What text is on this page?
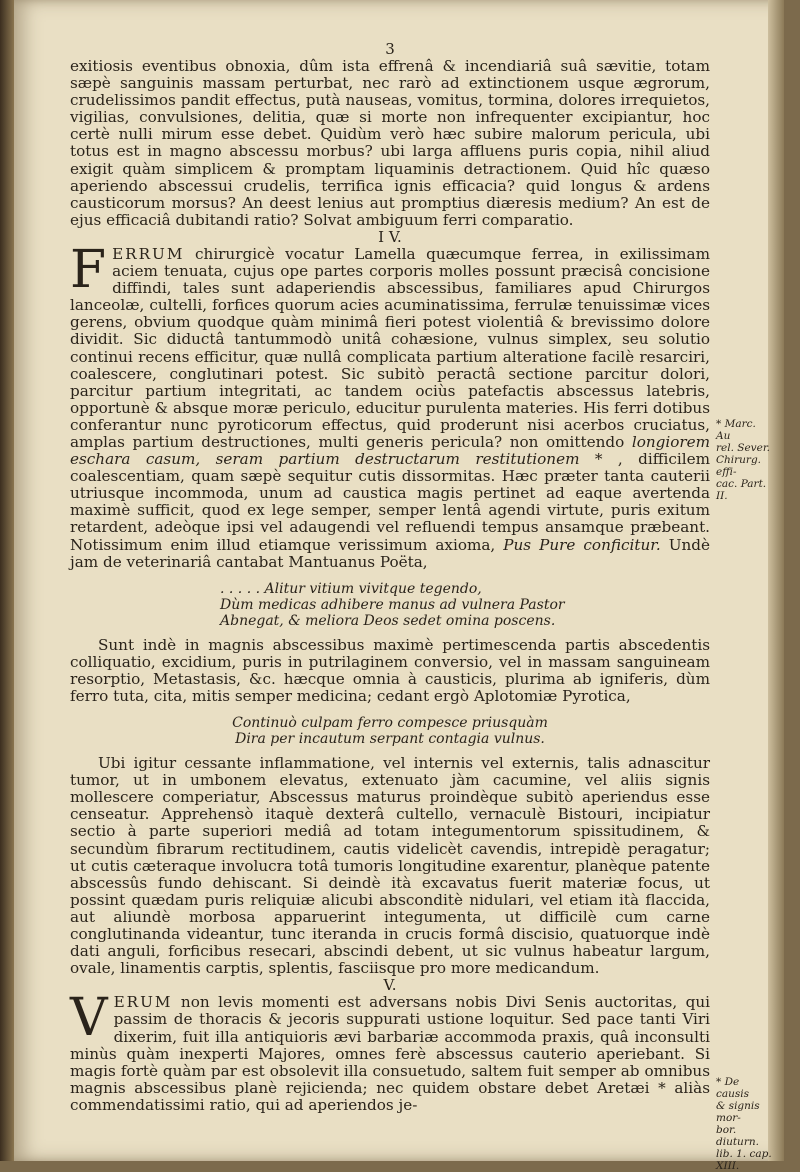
3

exitiosis eventibus obnoxia, dûm ista effrenâ & incendiariâ suâ sævitie, totam sæpè sanguinis massam perturbat, nec rarò ad extinctionem usque ægrorum, crudelissimos pandit effectus, putà nauseas, vomitus, tormina, dolores irrequietos, vigilias, convulsiones, delitia, quæ si morte non infrequenter excipiantur, hoc certè nulli mirum esse debet. Quidùm verò hæc subire malorum pericula, ubi totus est in magno abscessu morbus? ubi larga affluens puris copia, nihil aliud exigit quàm simplicem & promptam liquaminis detractionem. Quid hîc quæso aperiendo abscessui crudelis, terrifica ignis efficacia? quid longus & ardens causticorum morsus? An deest lenius aut promptius diæresis medium? An est de ejus efficaciâ dubitandi ratio? Solvat ambiguum ferri comparatio.

I V.

FERRUM chirurgicè vocatur Lamella quæcumque ferrea, in exilissimam aciem tenuata, cujus ope partes corporis molles possunt præcisâ concisione diffindi, tales sunt adaperiendis abscessibus, familiares apud Chirurgos lanceolæ, cultelli, forfices quorum acies acuminatissima, ferrulæ tenuissimæ vices gerens, obvium quodque quàm minimâ fieri potest violentiâ & brevissimo dolore dividit. Sic diductâ tantummodò unitâ cohæsione, vulnus simplex, seu solutio continui recens efficitur, quæ nullâ complicata partium alteratione facilè resarciri, coalescere, conglutinari potest. Sic subitò peractâ sectione parcitur dolori, parcitur partium integritati, ac tandem ociùs patefactis abscessus latebris, opportunè & absque moræ periculo, educitur purulenta materies. His ferri dotibus conferantur nunc pyroticorum effectus, quid proderunt nisi acerbos cruciatus, amplas partium destructiones, multi generis pericula? non omittendo longiorem eschara casum, seram partium destructarum restitutionem * , difficilem coalescentiam, quam sæpè sequitur cutis dissormitas. Hæc præter tanta cauterii utriusque incommoda, unum ad caustica magis pertinet ad eaque avertenda maximè sufficit, quod ex lege semper, semper lentâ agendi virtute, puris exitum retardent, adeòque ipsi vel adaugendi vel refluendi tempus ansamque præbeant. Notissimum enim illud etiamque verissimum axioma, Pus Pure conficitur. Undè jam de veterinariâ cantabat Mantuanus Poëta,

. . . . . Alitur vitium vivitque tegendo,
Dùm medicas adhibere manus ad vulnera Pastor
Abnegat, & meliora Deos sedet omina poscens.

Sunt indè in magnis abscessibus maximè pertimescenda partis abscedentis colliquatio, excidium, puris in putrilaginem conversio, vel in massam sanguineam resorptio, Metastasis, &c. hæcque omnia à causticis, plurima ab igniferis, dùm ferro tuta, cita, mitis semper medicina; cedant ergò Aplotomiæ Pyrotica,

Continuò culpam ferro compesce priusquàm
Dira per incautum serpant contagia vulnus.

Ubi igitur cessante inflammatione, vel internis vel externis, talis adnascitur tumor, ut in umbonem elevatus, extenuato jàm cacumine, vel aliis signis mollescere comperiatur, Abscessus maturus proindèque subitò aperiendus esse censeatur. Apprehensò itaquè dexterâ cultello, vernaculè Bistouri, incipiatur sectio à parte superiori mediâ ad totam integumentorum spissitudinem, & secundùm fibrarum rectitudinem, cautis videlicèt cavendis, intrepidè peragatur; ut cutis cæteraque involucra totâ tumoris longitudine exarentur, planèque patente abscessûs fundo dehiscant. Si deindè ità excavatus fuerit materiæ focus, ut possint quædam puris reliquiæ alicubi absconditè nidulari, vel etiam ità flaccida, aut aliundè morbosa apparuerint integumenta, ut difficilè cum carne conglutinanda videantur, tunc iteranda in crucis formâ discisio, quatuorque indè dati anguli, forficibus resecari, abscindi debent, ut sic vulnus habeatur largum, ovale, linamentis carptis, splentis, fasciisque pro more medicandum.

V.

VERUM non levis momenti est adversans nobis Divi Senis auctoritas, qui passim de thoracis & jecoris suppurati ustione loquitur. Sed pace tanti Viri dixerim, fuit illa antiquioris ævi barbariæ accommoda praxis, quâ inconsulti minùs quàm inexperti Majores, omnes ferè abscessus cauterio aperiebant. Si magis fortè quàm par est obsolevit illa consuetudo, saltem fuit semper ab omnibus magnis abscessibus planè rejicienda; nec quidem obstare debet Aretæi * aliàs commendatissimi ratio, qui ad aperiendos je-

* Marc. Au
rel. Sever.
Chirurg. effi-
cac. Part. II.
* De causis
& signis mor-
bor. diuturn.
lib. 1. cap.
XIII.
